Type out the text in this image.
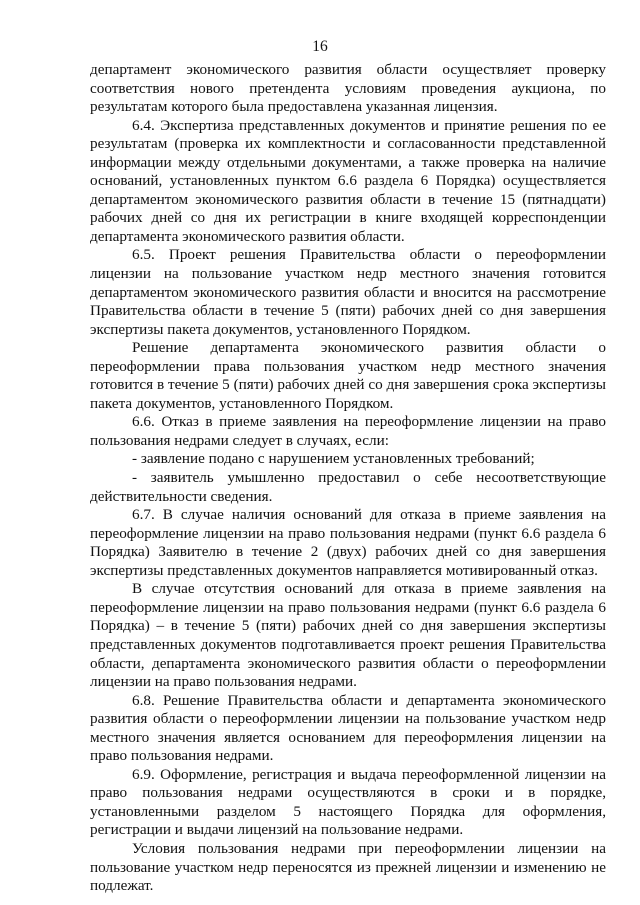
16

департамент экономического развития области осуществляет проверку соответствия нового претендента условиям проведения аукциона, по результатам которого была предоставлена указанная лицензия.

6.4. Экспертиза представленных документов и принятие решения по ее результатам (проверка их комплектности и согласованности представленной информации между отдельными документами, а также проверка на наличие оснований, установленных пунктом 6.6 раздела 6 Порядка) осуществляется департаментом экономического развития области в течение 15 (пятнадцати) рабочих дней со дня их регистрации в книге входящей корреспонденции департамента экономического развития области.

6.5. Проект решения Правительства области о переоформлении лицензии на пользование участком недр местного значения готовится департаментом экономического развития области и вносится на рассмотрение Правительства области в течение 5 (пяти) рабочих дней со дня завершения экспертизы пакета документов, установленного Порядком.

Решение департамента экономического развития области о переоформлении права пользования участком недр местного значения готовится в течение 5 (пяти) рабочих дней со дня завершения срока экспертизы пакета документов, установленного Порядком.

6.6. Отказ в приеме заявления на переоформление лицензии на право пользования недрами следует в случаях, если:

- заявление подано с нарушением установленных требований;

- заявитель умышленно предоставил о себе несоответствующие действительности сведения.

6.7. В случае наличия оснований для отказа в приеме заявления на переоформление лицензии на право пользования недрами (пункт 6.6 раздела 6 Порядка) Заявителю в течение 2 (двух) рабочих дней со дня завершения экспертизы представленных документов направляется мотивированный отказ.

В случае отсутствия оснований для отказа в приеме заявления на переоформление лицензии на право пользования недрами (пункт 6.6 раздела 6 Порядка) – в течение 5 (пяти) рабочих дней со дня завершения экспертизы представленных документов подготавливается проект решения Правительства области, департамента экономического развития области о переоформлении лицензии на право пользования недрами.

6.8. Решение Правительства области и департамента экономического развития области о переоформлении лицензии на пользование участком недр местного значения является основанием для переоформления лицензии на право пользования недрами.

6.9. Оформление, регистрация и выдача переоформленной лицензии на право пользования недрами осуществляются в сроки и в порядке, установленными разделом 5 настоящего Порядка для оформления, регистрации и выдачи лицензий на пользование недрами.

Условия пользования недрами при переоформлении лицензии на пользование участком недр переносятся из прежней лицензии и изменению не подлежат.
